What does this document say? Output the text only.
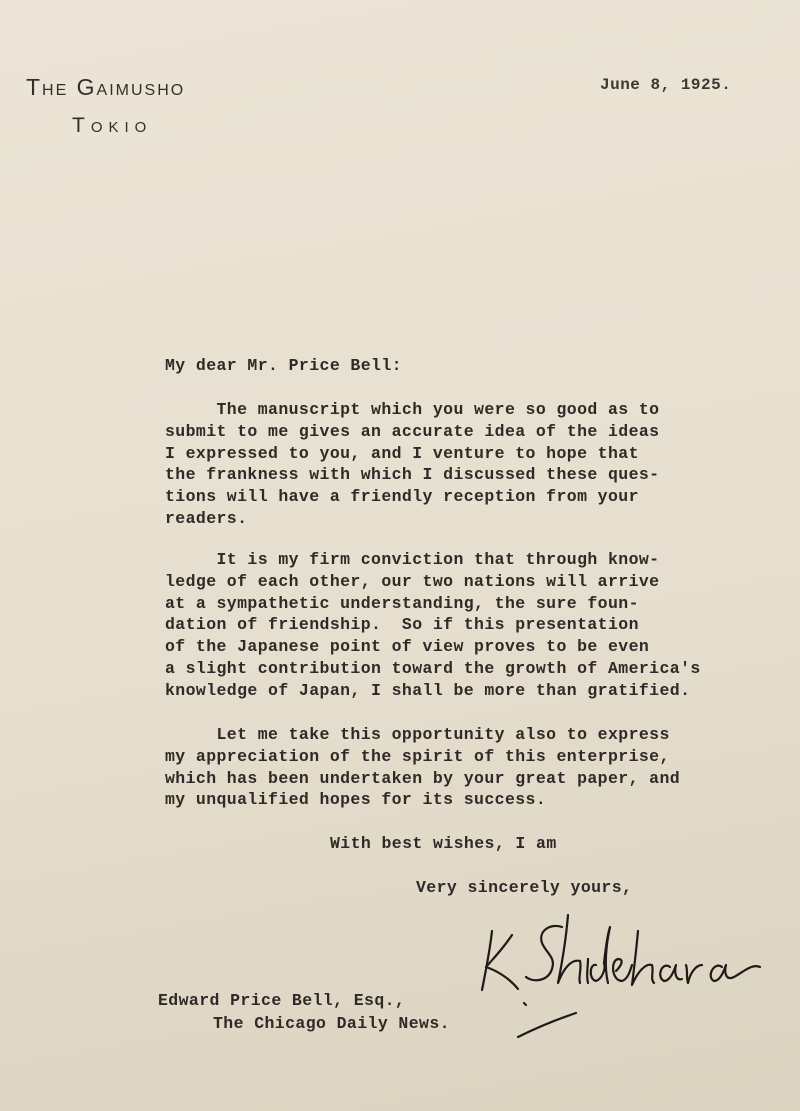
The Gaimusho
Tokio
June 8, 1925.
My dear Mr. Price Bell:
The manuscript which you were so good as to
submit to me gives an accurate idea of the ideas
I expressed to you, and I venture to hope that
the frankness with which I discussed these ques-
tions will have a friendly reception from your
readers.
It is my firm conviction that through know-
ledge of each other, our two nations will arrive
at a sympathetic understanding, the sure foun-
dation of friendship.  So if this presentation
of the Japanese point of view proves to be even
a slight contribution toward the growth of America's
knowledge of Japan, I shall be more than gratified.
Let me take this opportunity also to express
my appreciation of the spirit of this enterprise,
which has been undertaken by your great paper, and
my unqualified hopes for its success.
With best wishes, I am
Very sincerely yours,
Edward Price Bell, Esq.,
The Chicago Daily News.
